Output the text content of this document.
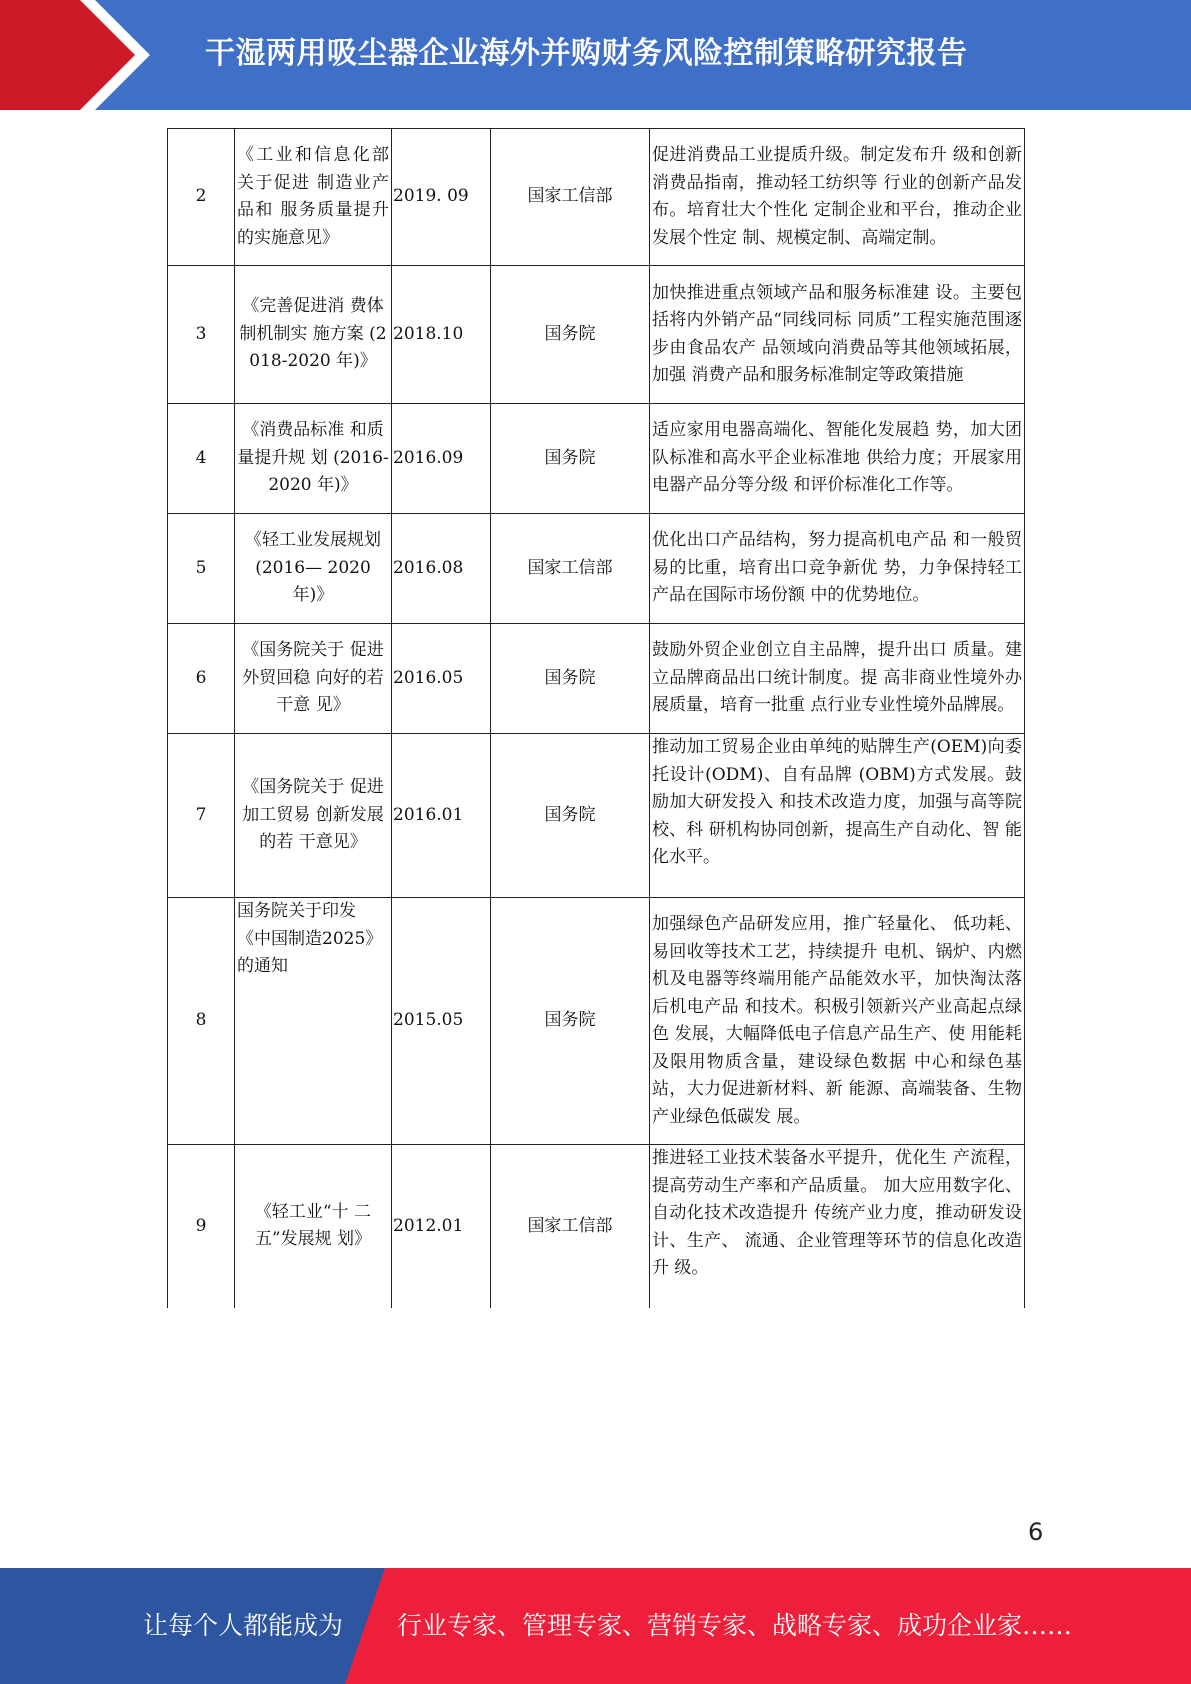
干湿两用吸尘器企业海外并购财务风险控制策略研究报告
2	《工业和信息化部关于促进 制造业产品和 服务质量提升 的实施意见》	2019. 09	国家工信部	促进消费品工业提质升级。制定发布升 级和创新消费品指南，推动轻工纺织等 行业的创新产品发布。培育壮大个性化 定制企业和平台，推动企业发展个性定 制、规模定制、高端定制。
3	《完善促进消 费体制机制实 施方案 (2018-2020 年)》	2018.10	国务院	加快推进重点领域产品和服务标准建 设。主要包括将内外销产品“同线同标 同质”工程实施范围逐步由食品农产 品领域向消费品等其他领域拓展，加强 消费产品和服务标准制定等政策措施
4	《消费品标准 和质量提升规 划 (2016-2020 年)》	2016.09	国务院	适应家用电器高端化、智能化发展趋 势，加大团队标准和高水平企业标准地 供给力度；开展家用电器产品分等分级 和评价标准化工作等。
5	《轻工业发展规划(2016— 2020 年)》	2016.08	国家工信部	优化出口产品结构，努力提高机电产品 和一般贸易的比重，培育出口竞争新优 势，力争保持轻工产品在国际市场份额 中的优势地位。
6	《国务院关于 促进外贸回稳 向好的若干意 见》	2016.05	国务院	鼓励外贸企业创立自主品牌，提升出口 质量。建立品牌商品出口统计制度。提 高非商业性境外办展质量，培育一批重 点行业专业性境外品牌展。
7	《国务院关于 促进加工贸易 创新发展的若 干意见》	2016.01	国务院	推动加工贸易企业由单纯的贴牌生产(OEM)向委托设计(ODM)、自有品牌 (OBM)方式发展。鼓励加大研发投入 和技术改造力度，加强与高等院校、科 研机构协同创新，提高生产自动化、智 能化水平。
8	国务院关于印发《中国制造2025》的通知	2015.05	国务院	加强绿色产品研发应用，推广轻量化、 低功耗、易回收等技术工艺，持续提升 电机、锅炉、内燃机及电器等终端用能产品能效水平，加快淘汰落后机电产品 和技术。积极引领新兴产业高起点绿色 发展，大幅降低电子信息产品生产、使 用能耗及限用物质含量，建设绿色数据 中心和绿色基站，大力促进新材料、新 能源、高端装备、生物产业绿色低碳发 展。
9	《轻工业“十 二五”发展规 划》	2012.01	国家工信部	推进轻工业技术装备水平提升，优化生 产流程，提高劳动生产率和产品质量。 加大应用数字化、自动化技术改造提升 传统产业力度，推动研发设计、生产、 流通、企业管理等环节的信息化改造升 级。
6
让每个人都能成为 行业专家、管理专家、营销专家、战略专家、成功企业家……
